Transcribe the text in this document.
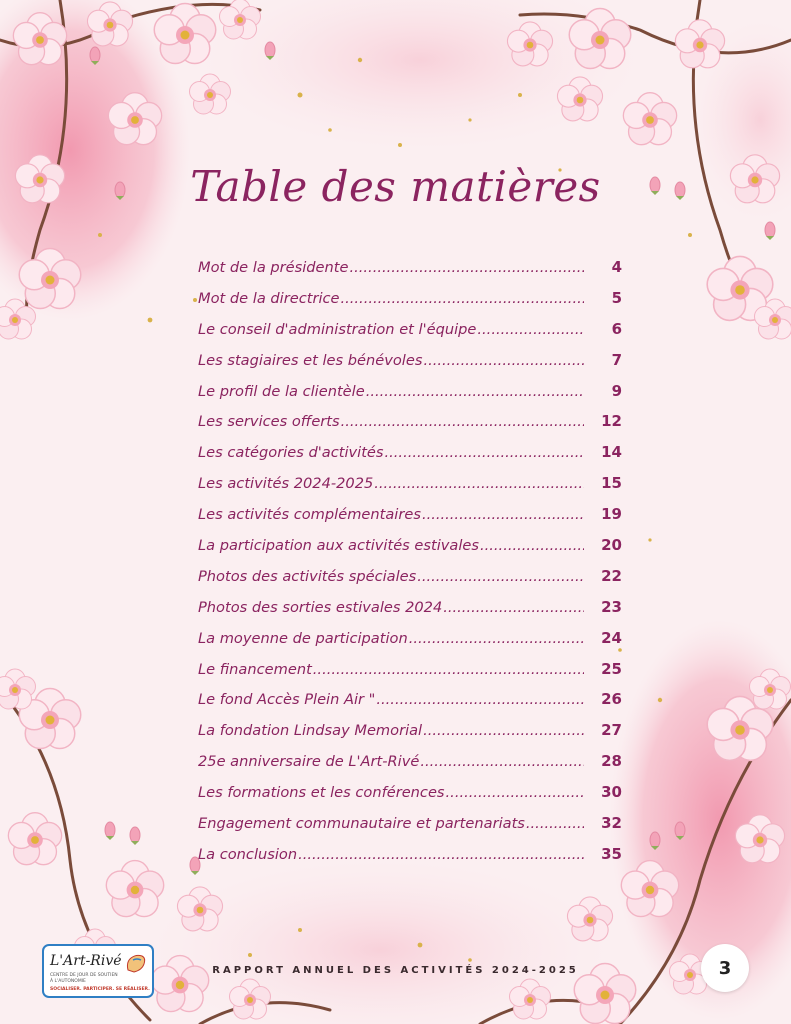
Table des matières
Mot de la présidente .....	4
Mot de la directrice .....	5
Le conseil d'administration et l'équipe .....	6
Les stagiaires et les bénévoles .....	7
Le profil de la clientèle .....	9
Les services offerts .....	12
Les catégories d'activités .....	14
Les activités 2024-2025 .....	15
Les activités complémentaires .....	19
La participation aux activités estivales .....	20
Photos des activités spéciales .....	22
Photos des sorties estivales 2024 .....	23
La moyenne de participation .....	24
Le financement .....	25
Le fond Accès Plein Air " .....	26
La fondation Lindsay Memorial .....	27
25e anniversaire de L'Art-Rivé .....	28
Les formations et les conférences .....	30
Engagement communautaire et partenariats .....	32
La conclusion .....	35
L'Art-Rivé
CENTRE DE JOUR DE SOUTIEN À L'AUTONOMIE
SOCIALISER. PARTICIPER. SE RÉALISER.
RAPPORT ANNUEL DES ACTIVITÉS 2024-2025	3
